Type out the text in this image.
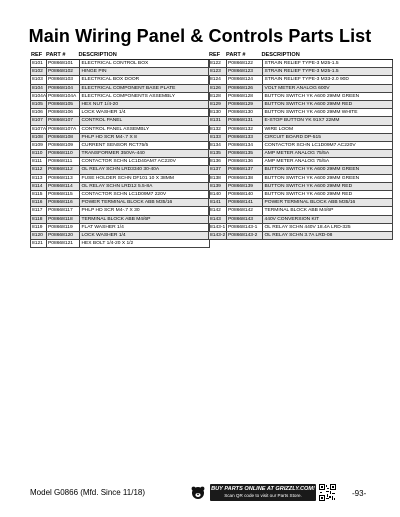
Main Wiring Panel & Controls Parts List
REF PART #	DESCRIPTION
8101	P08668101	ELECTRICAL CONTROL BOX
8102	P08668102	HINGE PIN
8103	P08668103	ELECTRICAL BOX DOOR
8104	P08668104	ELECTRICAL COMPONENT BASE PLATE
8104A P08668104A	ELECTRICAL COMPONENTS ASSEMBLY
8105	P08668105	HEX NUT 1/4-20
8106	P08668106	LOCK WASHER 1/4
8107	P08668107	CONTROL PANEL
8107A P08668107A	CONTROL PANEL ASSEMBLY
8108	P08668108	PHLP HD SCR M4-.7 X 8
8109	P08668109	CURRENT SENSOR RCT75/5
8110	P08668110	TRANSFORMER 350VA-440
8111	P08668111	CONTACTOR SCHN LC1D40AM7 AC220V
8112	P08668112	OL RELAY SCHN LRD3340 30-40A
8113	P08668113	FUSE HOLDER SCHN DF101 10 X 38MM
8114	P08668114	OL RELAY SCHN LRD12 5.5-8A
8115	P08668115	CONTACTOR SCHN LC1D09M7 220V
8116	P08668116	POWER TERMINAL BLOCK ABB M35/16
8117	P08668117	PHLP HD SCR M4-.7 X 30
8118	P08668118	TERMINAL BLOCK ABB M4/6P
8119	P08668119	FLAT WASHER 1/4
8120	P08668120	LOCK WASHER 1/4
8121	P08668121	HEX BOLT 1/4-20 X 1/2
REF	PART #	DESCRIPTION
8122	P08668122	STRAIN RELIEF TYPE-3 M25-1.5
8123	P08668123	STRAIN RELIEF TYPE-3 M25-1.5
8124	P08668124	STRAIN RELIEF TYPE-3 M33-2.0 90D
8126	P08668126	VOLT METER ANALOG 600V
8128	P08668128	BUTTON SWITCH YK A600 29MM GREEN
8129	P08668129	BUTTON SWITCH YK A600 29MM RED
8130	P08668130	BUTTON SWITCH YK A600 29MM WHITE
8131	P08668131	E-STOP BUTTON YK 91X7 22MM
8132	P08668132	WIRE LOOM
8133	P08668133	CIRCUIT BOARD DP-515
8134	P08668134	CONTACTOR SCHN LC1D09M7 AC220V
8135	P08668135	AMP METER ANALOG 75/5A
8136	P08668136	AMP METER ANALOG 75/5A
8137	P08668137	BUTTON SWITCH YK A600 29MM GREEN
8138	P08668138	BUTTON SWITCH YK A600 29MM GREEN
8139	P08668139	BUTTON SWITCH YK A600 29MM RED
8140	P08668140	BUTTON SWITCH YK A600 29MM RED
8141	P08668141	POWER TERMINAL BLOCK ABB M35/16
8142	P08668142	TERMINAL BLOCK ABB M4/6P
8143	P08668143	440V CONVERSION KIT
8143-1 P08668143-1	OL RELAY SCHN 440V 18.4A LRD-325
8143-2 P08668143-2	OL RELAY SCHN 3.7A LRD-08
Model G0866 (Mfd. Since 11/18)	BUY PARTS ONLINE AT GRIZZLY.COM!
Scan QR code to visit our Parts Store.	-93-
